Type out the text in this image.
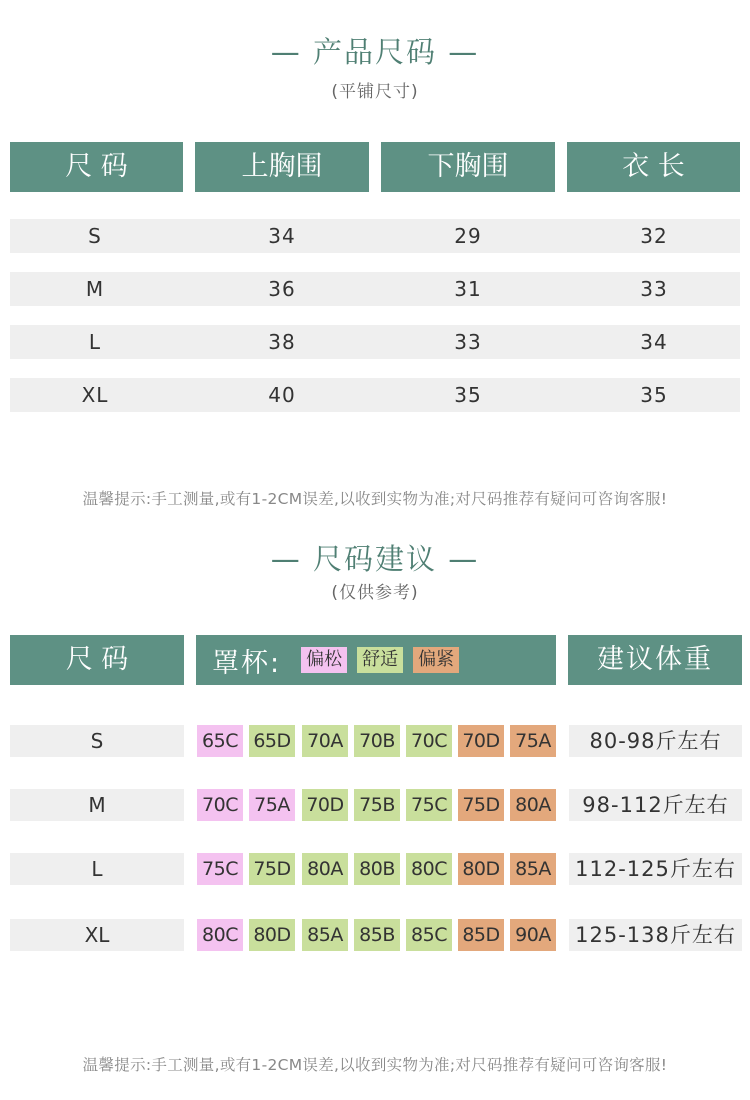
— 产品尺码 —
(平铺尺寸)
尺 码	上胸围	下胸围	衣 长
S	34	29	32
M	36	31	33
L	38	33	34
XL	40	35	35
温馨提示:手工测量,或有1-2CM误差,以收到实物为准;对尺码推荐有疑问可咨询客服!
— 尺码建议 —
(仅供参考)
尺 码	罩杯: 偏松 舒适 偏紧	建议体重
S	65C 65D 70A 70B 70C 70D 75A	80-98斤左右
M	70C 75A 70D 75B 75C 75D 80A	98-112斤左右
L	75C 75D 80A 80B 80C 80D 85A 112-125斤左右
XL	80C 80D 85A 85B 85C 85D 90A 125-138斤左右
温馨提示:手工测量,或有1-2CM误差,以收到实物为准;对尺码推荐有疑问可咨询客服!
